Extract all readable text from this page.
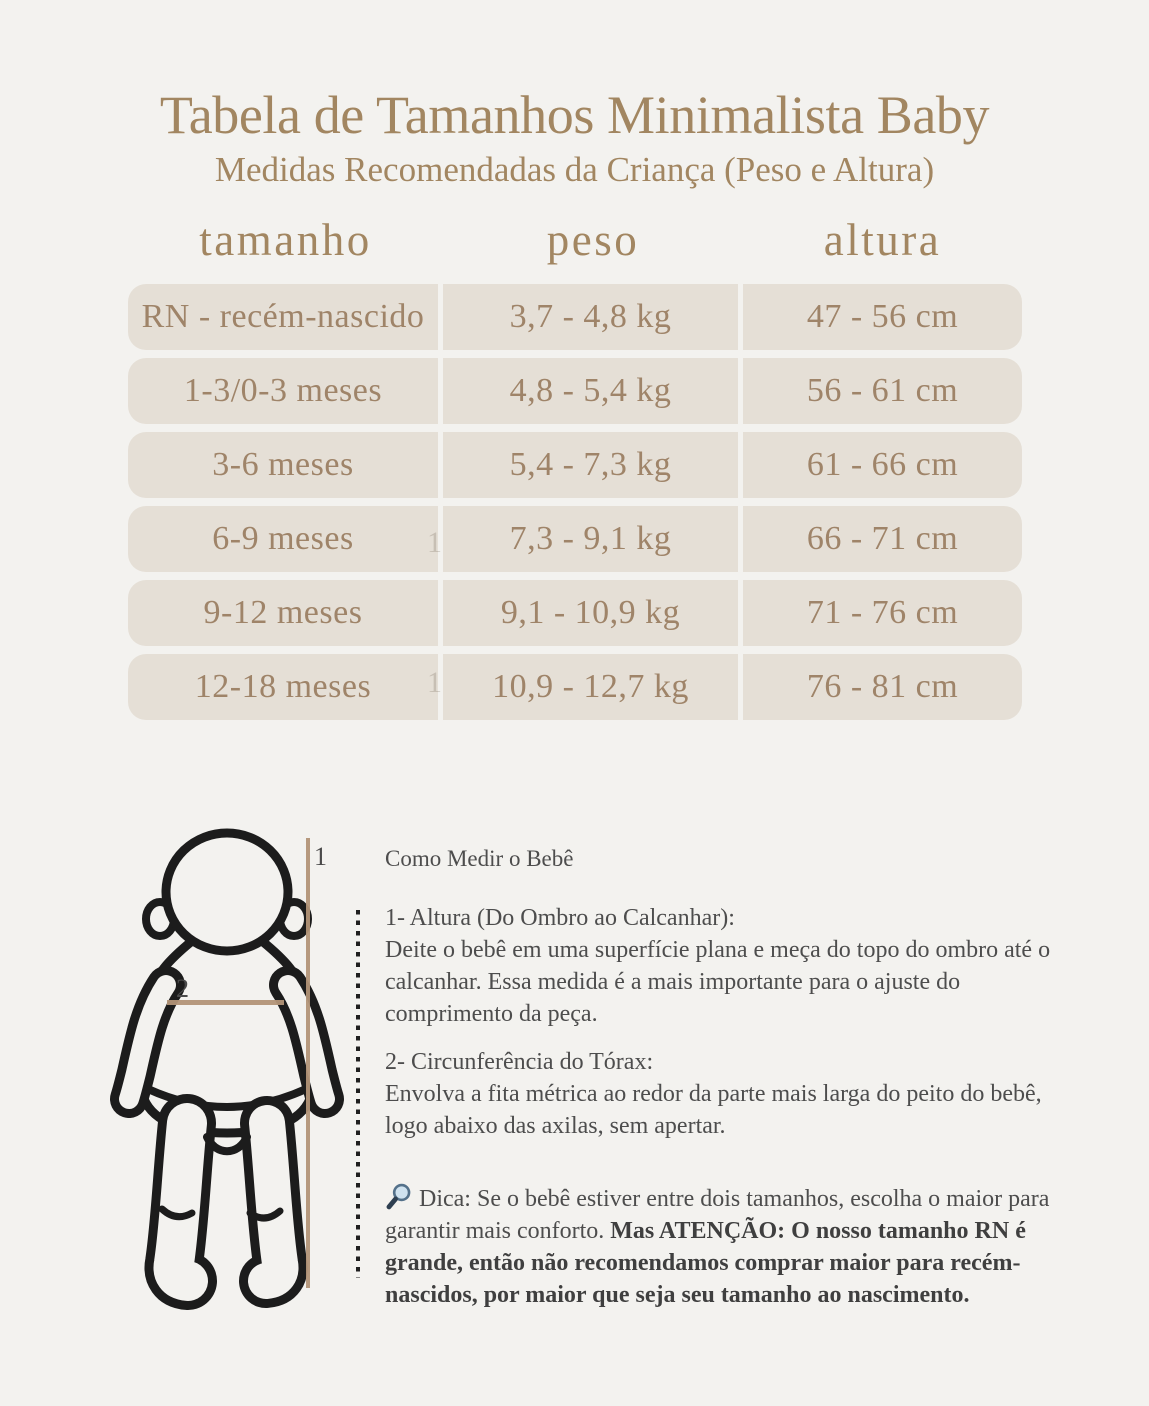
Tabela de Tamanhos Minimalista Baby
Medidas Recomendadas da Criança (Peso e Altura)
tamanho	peso	altura
RN - recém-nascido	3,7 - 4,8 kg	47 - 56 cm
1-3/0-3 meses	4,8 - 5,4 kg	56 - 61 cm
3-6 meses	5,4 - 7,3 kg	61 - 66 cm
6-9 meses	7,3 - 9,1 kg	66 - 71 cm
9-12 meses	9,1 - 10,9 kg	71 - 76 cm
12-18 meses	10,9 - 12,7 kg	76 - 81 cm
1
1
1
2

Como Medir o Bebê

1- Altura (Do Ombro ao Calcanhar):

Deite o bebê em uma superfície plana e meça do topo do ombro até o calcanhar. Essa medida é a mais importante para o ajuste do comprimento da peça.

2- Circunferência do Tórax:

Envolva a fita métrica ao redor da parte mais larga do peito do bebê, logo abaixo das axilas, sem apertar.

Dica: Se o bebê estiver entre dois tamanhos, escolha o maior para garantir mais conforto. Mas ATENÇÃO: O nosso tamanho RN é grande, então não recomendamos comprar maior para recém-nascidos, por maior que seja seu tamanho ao nascimento.
